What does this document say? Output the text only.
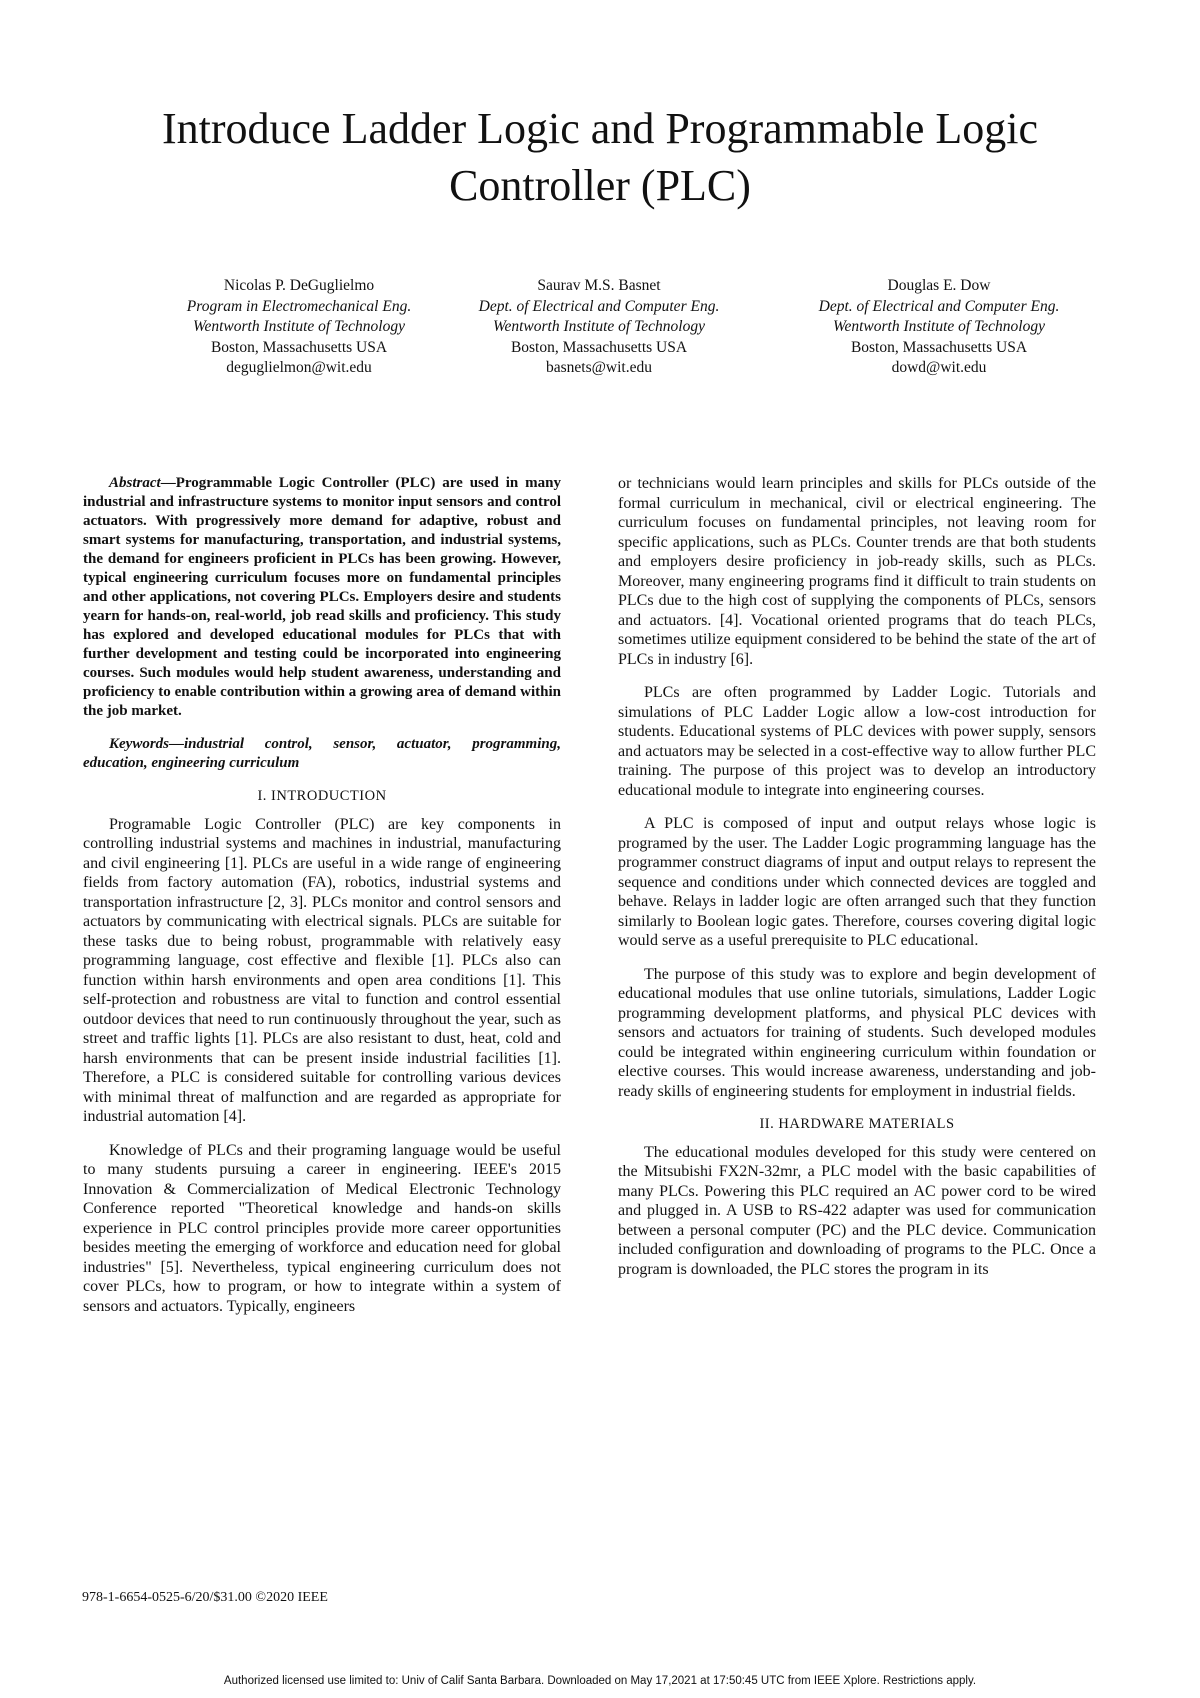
Introduce Ladder Logic and Programmable Logic Controller (PLC)
Nicolas P. DeGuglielmo
Program in Electromechanical Eng.
Wentworth Institute of Technology
Boston, Massachusetts USA
deguglielmon@wit.edu
Saurav M.S. Basnet
Dept. of Electrical and Computer Eng.
Wentworth Institute of Technology
Boston, Massachusetts USA
basnets@wit.edu
Douglas E. Dow
Dept. of Electrical and Computer Eng.
Wentworth Institute of Technology
Boston, Massachusetts USA
dowd@wit.edu

Abstract—Programmable Logic Controller (PLC) are used in many industrial and infrastructure systems to monitor input sensors and control actuators. With progressively more demand for adaptive, robust and smart systems for manufacturing, transportation, and industrial systems, the demand for engineers proficient in PLCs has been growing. However, typical engineering curriculum focuses more on fundamental principles and other applications, not covering PLCs. Employers desire and students yearn for hands-on, real-world, job read skills and proficiency. This study has explored and developed educational modules for PLCs that with further development and testing could be incorporated into engineering courses. Such modules would help student awareness, understanding and proficiency to enable contribution within a growing area of demand within the job market.

Keywords—industrial control, sensor, actuator, programming, education, engineering curriculum

I. INTRODUCTION

Programable Logic Controller (PLC) are key components in controlling industrial systems and machines in industrial, manufacturing and civil engineering [1]. PLCs are useful in a wide range of engineering fields from factory automation (FA), robotics, industrial systems and transportation infrastructure [2, 3]. PLCs monitor and control sensors and actuators by communicating with electrical signals. PLCs are suitable for these tasks due to being robust, programmable with relatively easy programming language, cost effective and flexible [1]. PLCs also can function within harsh environments and open area conditions [1]. This self-protection and robustness are vital to function and control essential outdoor devices that need to run continuously throughout the year, such as street and traffic lights [1]. PLCs are also resistant to dust, heat, cold and harsh environments that can be present inside industrial facilities [1]. Therefore, a PLC is considered suitable for controlling various devices with minimal threat of malfunction and are regarded as appropriate for industrial automation [4].

Knowledge of PLCs and their programing language would be useful to many students pursuing a career in engineering. IEEE's 2015 Innovation & Commercialization of Medical Electronic Technology Conference reported "Theoretical knowledge and hands-on skills experience in PLC control principles provide more career opportunities besides meeting the emerging of workforce and education need for global industries" [5]. Nevertheless, typical engineering curriculum does not cover PLCs, how to program, or how to integrate within a system of sensors and actuators. Typically, engineers

or technicians would learn principles and skills for PLCs outside of the formal curriculum in mechanical, civil or electrical engineering. The curriculum focuses on fundamental principles, not leaving room for specific applications, such as PLCs. Counter trends are that both students and employers desire proficiency in job-ready skills, such as PLCs. Moreover, many engineering programs find it difficult to train students on PLCs due to the high cost of supplying the components of PLCs, sensors and actuators. [4]. Vocational oriented programs that do teach PLCs, sometimes utilize equipment considered to be behind the state of the art of PLCs in industry [6].

PLCs are often programmed by Ladder Logic. Tutorials and simulations of PLC Ladder Logic allow a low-cost introduction for students. Educational systems of PLC devices with power supply, sensors and actuators may be selected in a cost-effective way to allow further PLC training. The purpose of this project was to develop an introductory educational module to integrate into engineering courses.

A PLC is composed of input and output relays whose logic is programed by the user. The Ladder Logic programming language has the programmer construct diagrams of input and output relays to represent the sequence and conditions under which connected devices are toggled and behave. Relays in ladder logic are often arranged such that they function similarly to Boolean logic gates. Therefore, courses covering digital logic would serve as a useful prerequisite to PLC educational.

The purpose of this study was to explore and begin development of educational modules that use online tutorials, simulations, Ladder Logic programming development platforms, and physical PLC devices with sensors and actuators for training of students. Such developed modules could be integrated within engineering curriculum within foundation or elective courses. This would increase awareness, understanding and job-ready skills of engineering students for employment in industrial fields.

II. HARDWARE MATERIALS

The educational modules developed for this study were centered on the Mitsubishi FX2N-32mr, a PLC model with the basic capabilities of many PLCs. Powering this PLC required an AC power cord to be wired and plugged in. A USB to RS-422 adapter was used for communication between a personal computer (PC) and the PLC device. Communication included configuration and downloading of programs to the PLC. Once a program is downloaded, the PLC stores the program in its

978-1-6654-0525-6/20/$31.00 ©2020 IEEE
Authorized licensed use limited to: Univ of Calif Santa Barbara. Downloaded on May 17,2021 at 17:50:45 UTC from IEEE Xplore. Restrictions apply.
